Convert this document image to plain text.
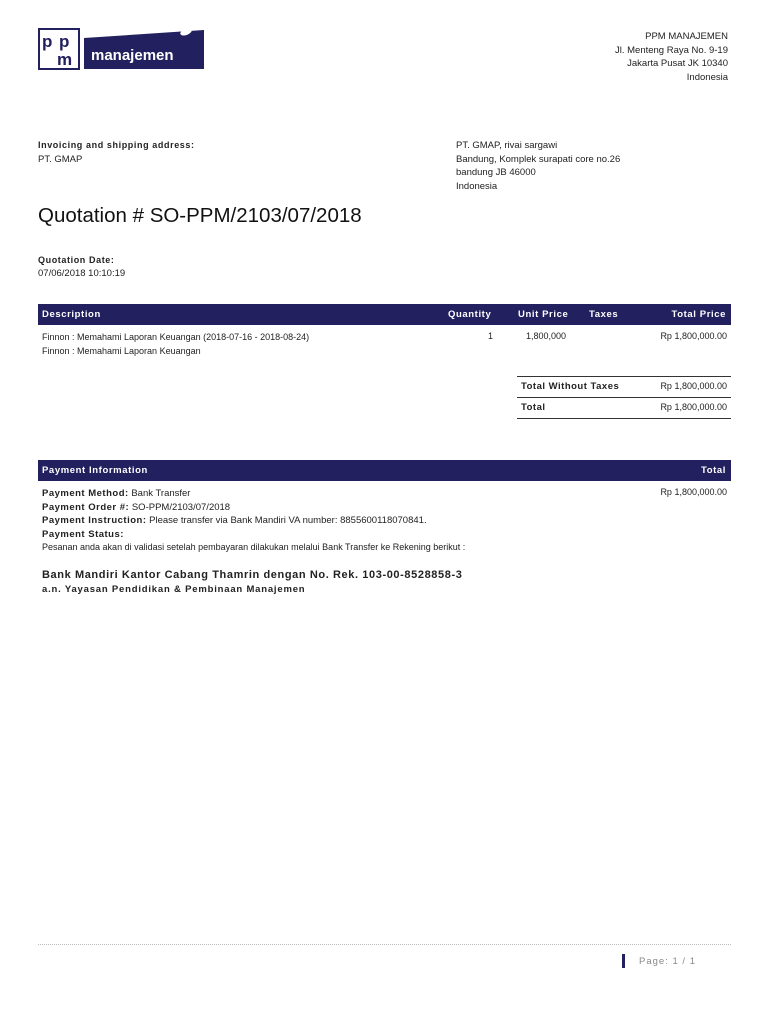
p p
m manajemen
PPM MANAJEMEN
Jl. Menteng Raya No. 9-19
Jakarta Pusat JK 10340
Indonesia
Invoicing and shipping address:
PT. GMAP
PT. GMAP, rivai sargawi
Bandung, Komplek surapati core no.26
bandung JB 46000
Indonesia
Quotation # SO-PPM/2103/07/2018
Quotation Date:
07/06/2018 10:10:19
Description	Quantity	Unit Price Taxes	Total Price
Finnon : Memahami Laporan Keuangan (2018-07-16 - 2018-08-24)
Finnon : Memahami Laporan Keuangan
1	1,800,000	Rp 1,800,000.00
Total Without Taxes	Rp 1,800,000.00
Total	Rp 1,800,000.00
Payment Information	Total
Payment Method: Bank Transfer
Payment Order #: SO-PPM/2103/07/2018
Payment Instruction: Please transfer via Bank Mandiri VA number: 8855600118070841.
Payment Status:
Pesanan anda akan di validasi setelah pembayaran dilakukan melalui Bank Transfer ke Rekening berikut :
Rp 1,800,000.00
Bank Mandiri Kantor Cabang Thamrin dengan No. Rek. 103-00-8528858-3
a.n. Yayasan Pendidikan & Pembinaan Manajemen
Page: 1 / 1
